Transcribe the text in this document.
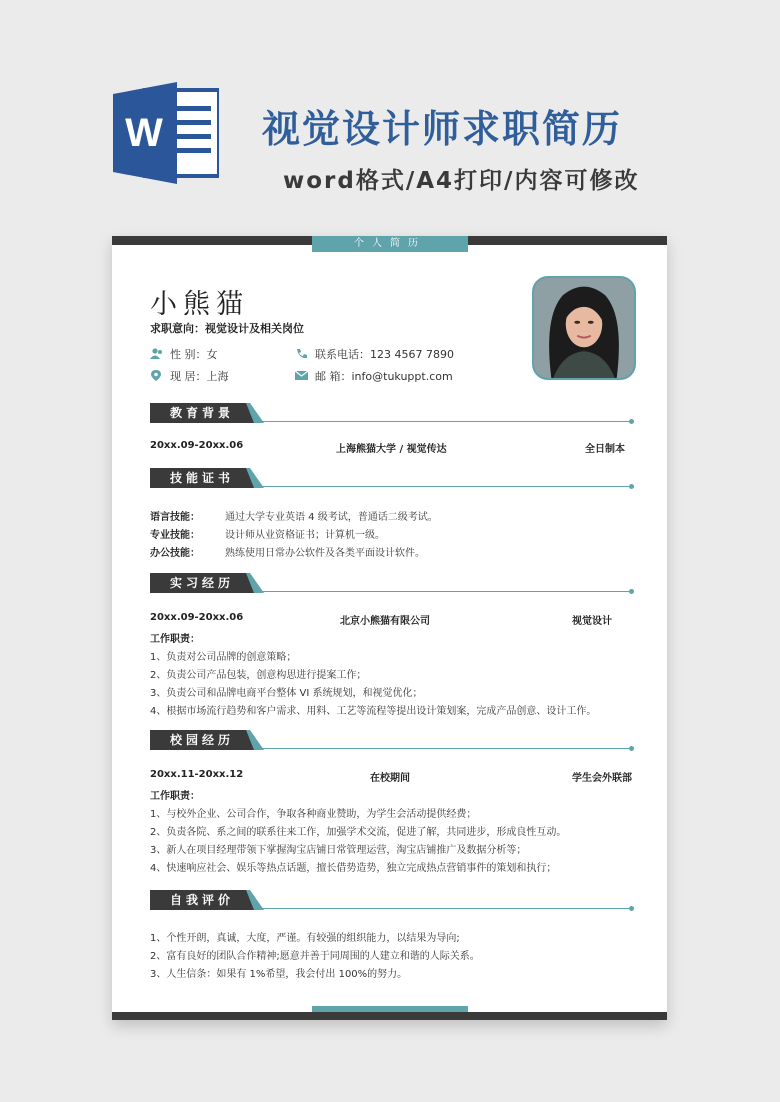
W	视觉设计师求职简历
word格式/A4打印/内容可修改
个人简历
小熊猫
求职意向：视觉设计及相关岗位
性 别：女	联系电话：123 4567 7890
现 居：上海	邮 箱：info@tukuppt.com
教育背景
20xx.09-20xx.06	上海熊猫大学 / 视觉传达	全日制本
技能证书
语言技能：	通过大学专业英语 4 级考试，普通话二级考试。
专业技能：	设计师从业资格证书；计算机一级。
办公技能：	熟练使用日常办公软件及各类平面设计软件。
实习经历
20xx.09-20xx.06	北京小熊猫有限公司	视觉设计
工作职责：
1、负责对公司品牌的创意策略；
2、负责公司产品包装，创意构思进行提案工作；
3、负责公司和品牌电商平台整体 VI 系统规划，和视觉优化；
4、根据市场流行趋势和客户需求、用料、工艺等流程等提出设计策划案，完成产品创意、设计工作。
校园经历
20xx.11-20xx.12	在校期间	学生会外联部
工作职责：
1、与校外企业、公司合作，争取各种商业赞助，为学生会活动提供经费；
2、负责各院、系之间的联系往来工作，加强学术交流，促进了解，共同进步，形成良性互动。
3、新人在项目经理带领下掌握淘宝店铺日常管理运营，淘宝店铺推广及数据分析等；
4、快速响应社会、娱乐等热点话题，擅长借势造势，独立完成热点营销事件的策划和执行；
自我评价
1、个性开朗，真诚，大度，严谨。有较强的组织能力，以结果为导向;
2、富有良好的团队合作精神;愿意并善于同周围的人建立和谐的人际关系。
3、人生信条：如果有 1%希望，我会付出 100%的努力。
